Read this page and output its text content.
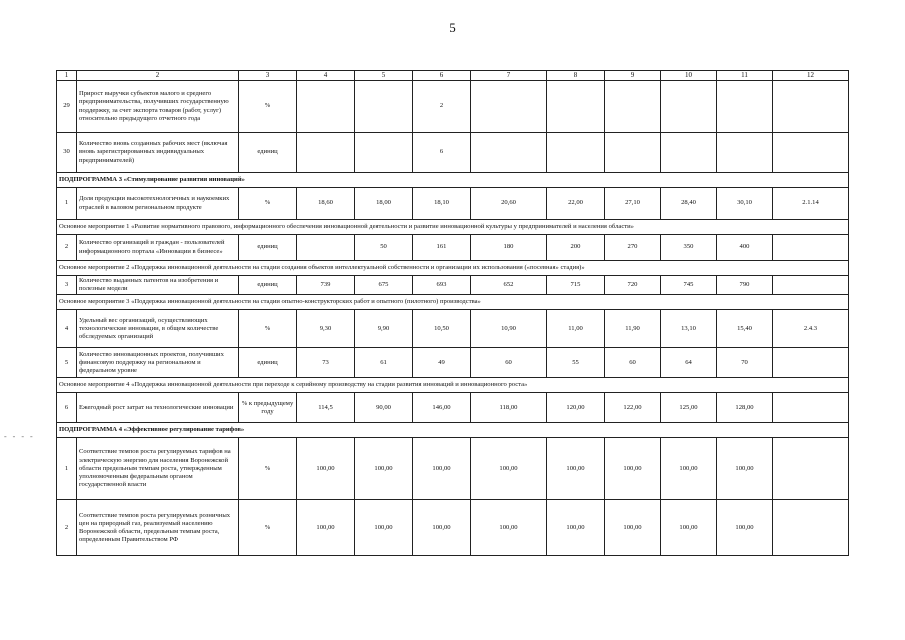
5
- - - -
1	2	3	4	5	6	7	8	9	10	11	12
29	Прирост выручки субъектов малого и среднего предпринимательства, получивших государственную поддержку, за счет экспорта товаров (работ, услуг) относительно предыдущего отчетного года	%			2						
30	Количество вновь созданных рабочих мест (включая вновь зарегистрированных индивидуальных предпринимателей)	единиц			6						
ПОДПРОГРАММА 3 «Стимулирование развития инноваций»											
1	Доля продукции высокотехнологичных и наукоемких отраслей в валовом региональном продукте	%	18,60	18,00	18,10	20,60	22,00	27,10	28,40	30,10	2.1.14
Основное мероприятие 1 «Развитие нормативного правового, информационного обеспечения инновационной деятельности и развитие инновационной культуры у предпринимателей и населения области»											
2	Количество организаций и граждан - пользователей информационного портала «Инновации в бизнесе»	единиц		50	161	180	200	270	350	400	
Основное мероприятие 2 «Поддержка инновационной деятельности на стадии создания объектов интеллектуальной собственности и организации их использования («посевная» стадия)»											
3	Количество выданных патентов на изобретения и полезные модели	единиц	739	675	693	652	715	720	745	790	
Основное мероприятие 3 «Поддержка инновационной деятельности на стадии опытно-конструкторских работ и опытного (пилотного) производства»											
4	Удельный вес организаций, осуществляющих технологические инновации, в общем количестве обследуемых организаций	%	9,30	9,90	10,50	10,90	11,00	11,90	13,10	15,40	2.4.3
5	Количество инновационных проектов, получивших финансовую поддержку на региональном и федеральном уровне	единиц	73	61	49	60	55	60	64	70	
Основное мероприятие 4 «Поддержка инновационной деятельности при переходе к серийному производству на стадии развития инноваций и инновационного роста»											
6	Ежегодный рост затрат на технологические инновации	% к предыдущему году	114,5	90,00	146,00	118,00	120,00	122,00	125,00	128,00	
ПОДПРОГРАММА 4 «Эффективное регулирование тарифов»											
1	Соответствие темпов роста регулируемых тарифов на электрическую энергию для населения Воронежской области предельным темпам роста, утвержденным уполномоченным федеральным органом государственной власти	%	100,00	100,00	100,00	100,00	100,00	100,00	100,00	100,00	
2	Соответствие темпов роста регулируемых розничных цен на природный газ, реализуемый населению Воронежской области, предельным темпам роста, определенным Правительством РФ	%	100,00	100,00	100,00	100,00	100,00	100,00	100,00	100,00	
